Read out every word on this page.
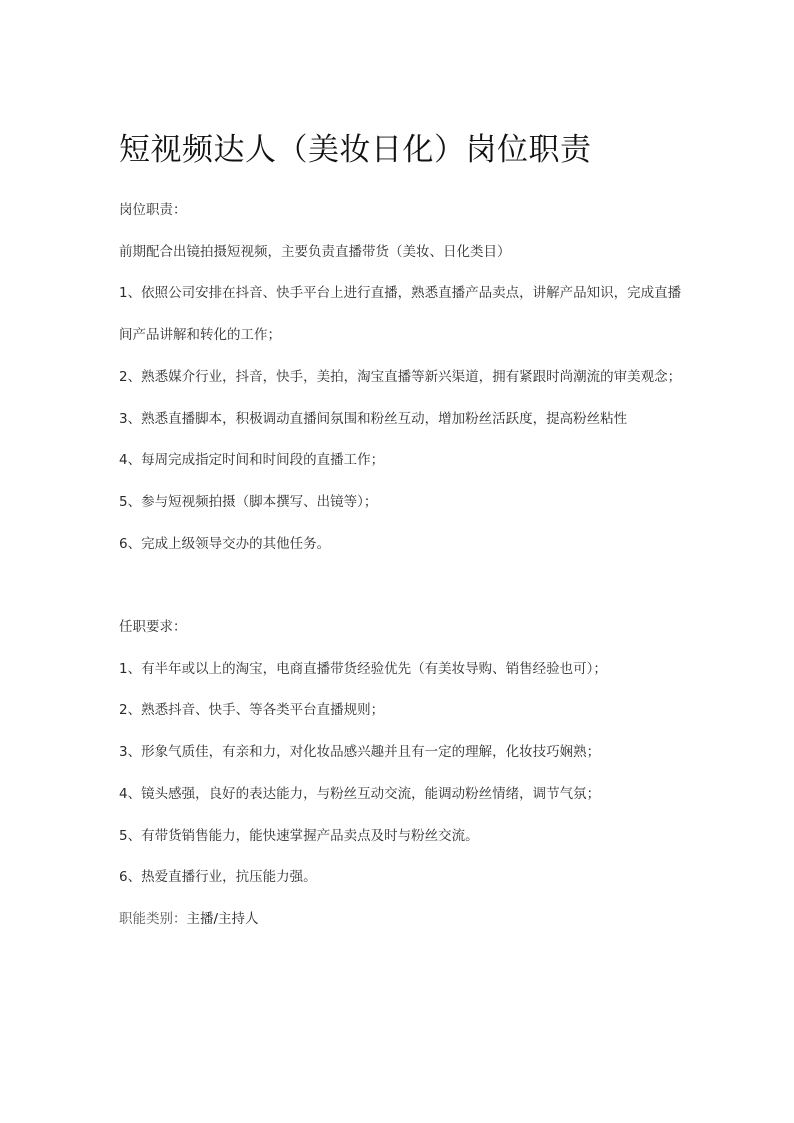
短视频达人（美妆日化）岗位职责

岗位职责：

前期配合出镜拍摄短视频，主要负责直播带货（美妆、日化类目）

1、依照公司安排在抖音、快手平台上进行直播，熟悉直播产品卖点，讲解产品知识，完成直播间产品讲解和转化的工作；

2、熟悉媒介行业，抖音，快手，美拍，淘宝直播等新兴渠道，拥有紧跟时尚潮流的审美观念；

3、熟悉直播脚本，积极调动直播间氛围和粉丝互动，增加粉丝活跃度，提高粉丝粘性

4、每周完成指定时间和时间段的直播工作；

5、参与短视频拍摄（脚本撰写、出镜等）；

6、完成上级领导交办的其他任务。

任职要求：

1、有半年或以上的淘宝，电商直播带货经验优先（有美妆导购、销售经验也可）；

2、熟悉抖音、快手、等各类平台直播规则；

3、形象气质佳，有亲和力，对化妆品感兴趣并且有一定的理解，化妆技巧娴熟；

4、镜头感强，良好的表达能力，与粉丝互动交流，能调动粉丝情绪，调节气氛；

5、有带货销售能力，能快速掌握产品卖点及时与粉丝交流。

6、热爱直播行业，抗压能力强。

职能类别：主播/主持人
